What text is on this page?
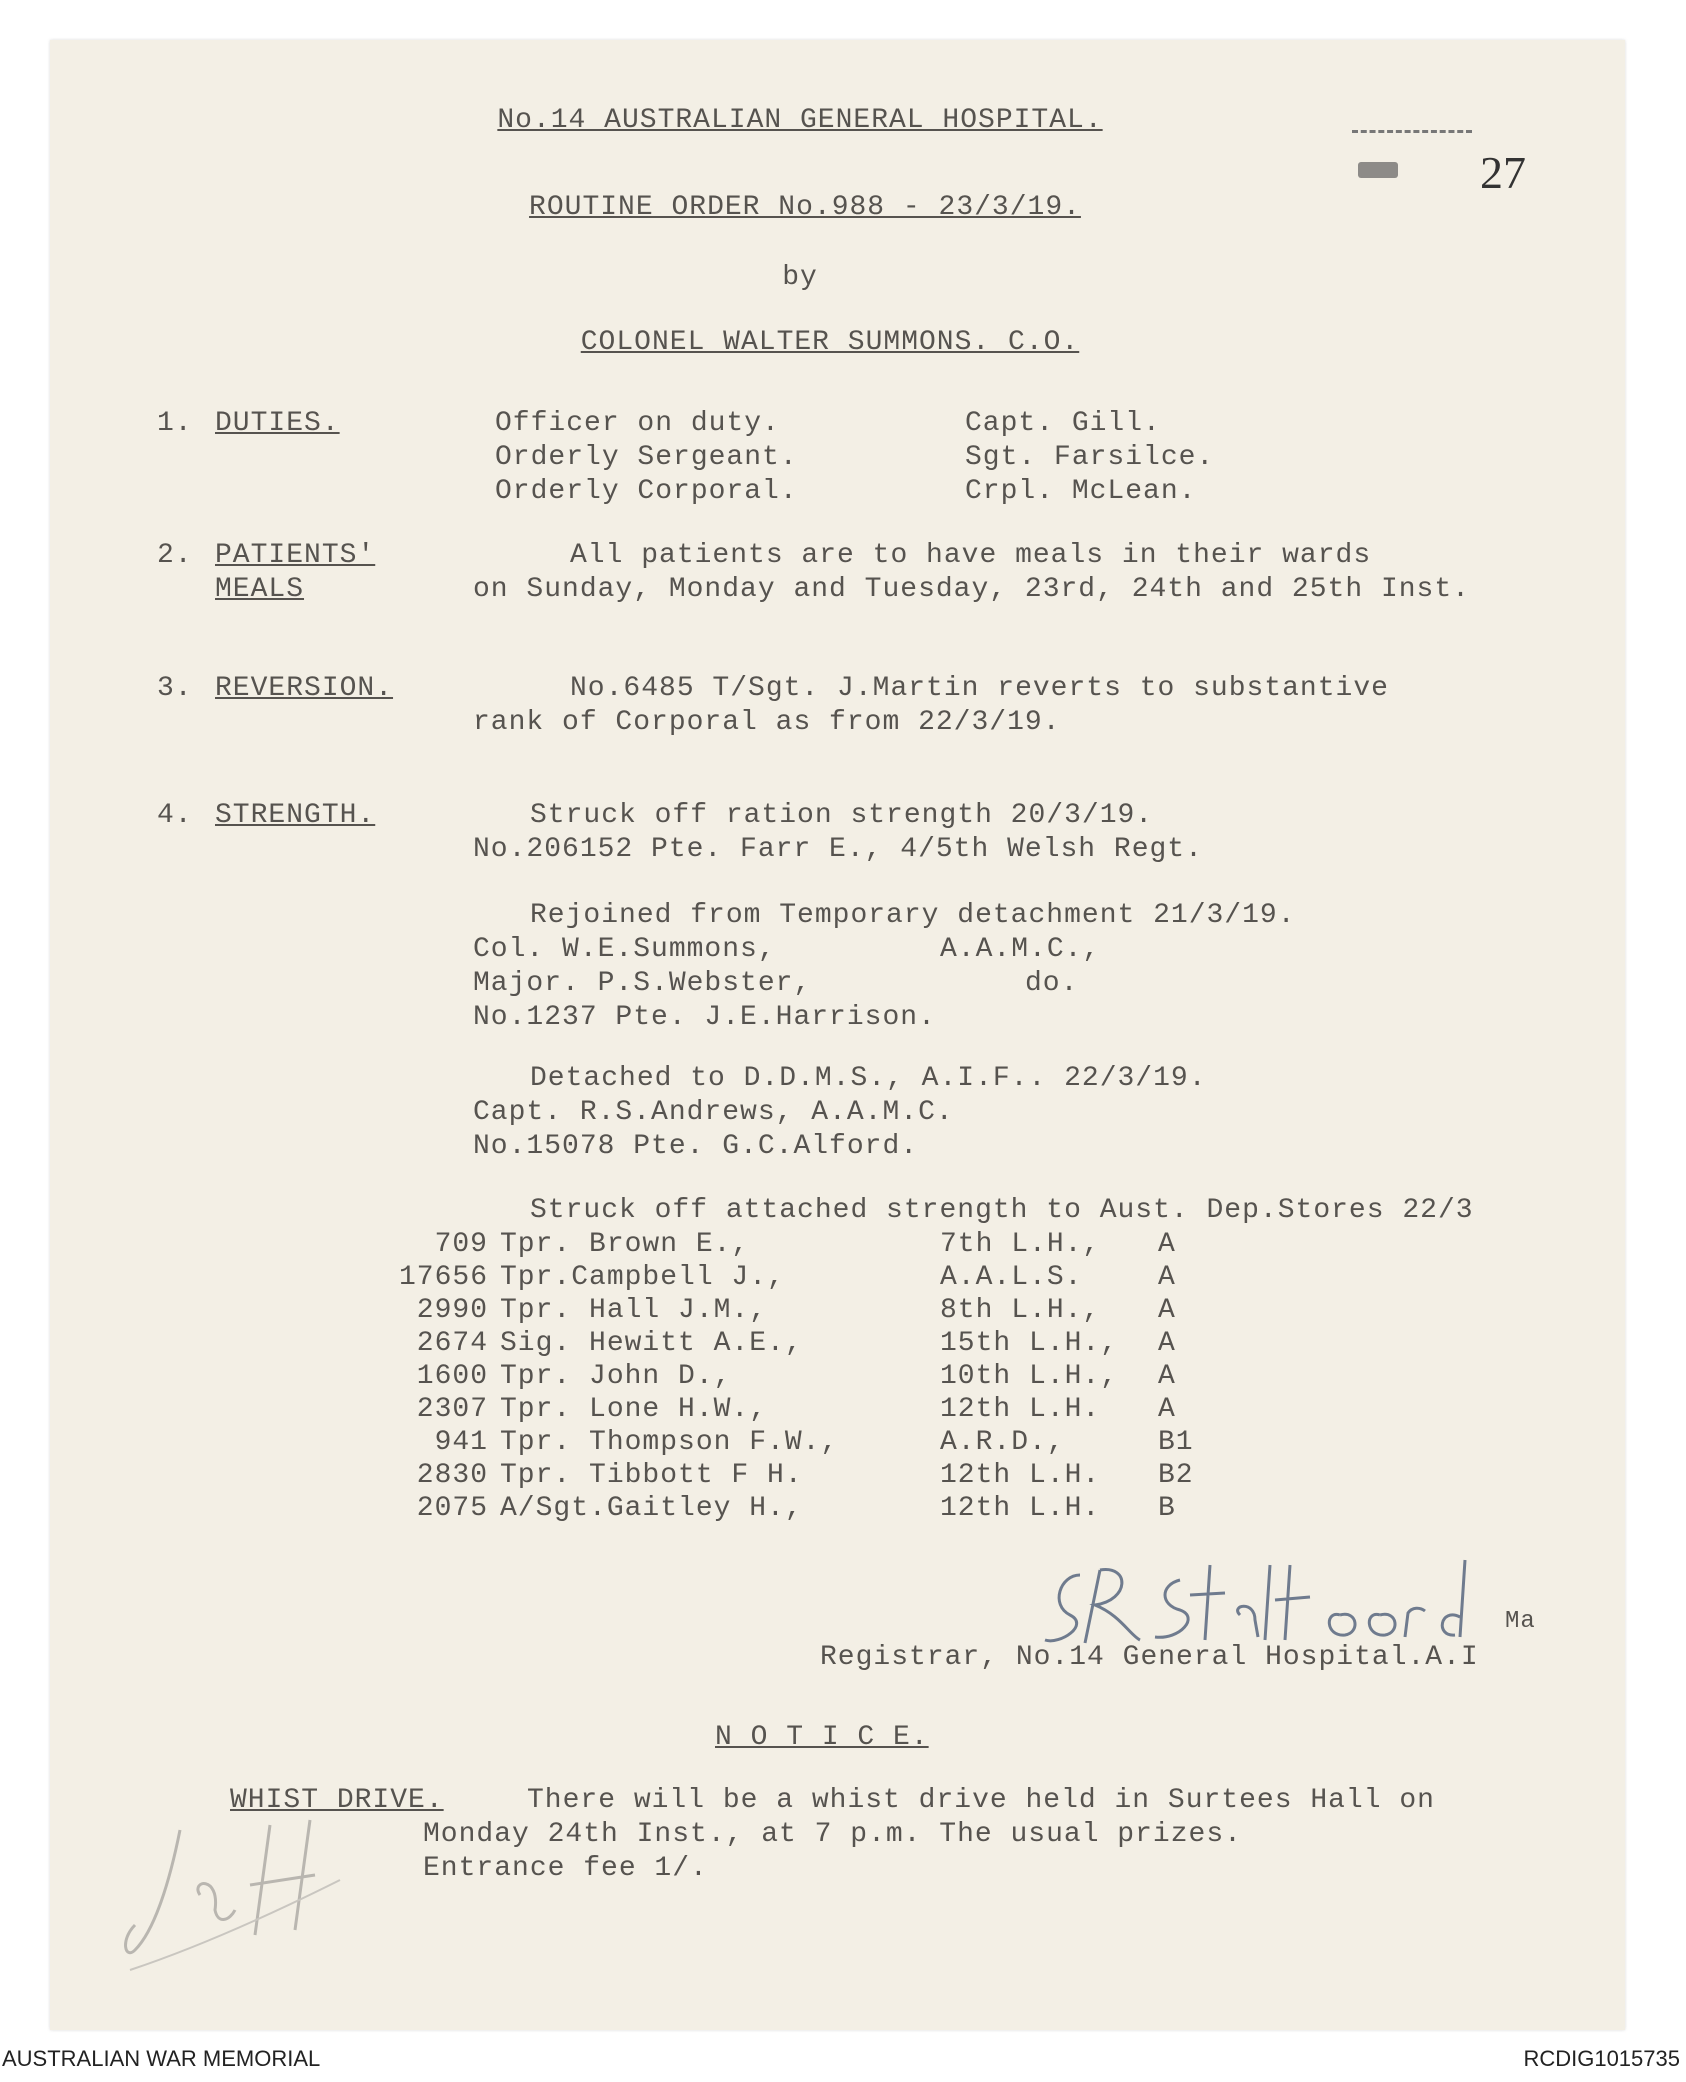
27
No.14 AUSTRALIAN GENERAL HOSPITAL.
ROUTINE ORDER No.988 - 23/3/19.
by
COLONEL WALTER SUMMONS. C.O.
1. DUTIES.	Officer on duty.	Capt. Gill.
Orderly Sergeant.	Sgt. Farsilce.
Orderly Corporal.	Crpl. McLean.
2. PATIENTS'
MEALS
All patients are to have meals in their wards
on Sunday, Monday and Tuesday, 23rd, 24th and 25th Inst.
3. REVERSION.	No.6485 T/Sgt. J.Martin reverts to substantive
rank of Corporal as from 22/3/19.
4. STRENGTH.	Struck off ration strength 20/3/19.
No.206152 Pte. Farr E., 4/5th Welsh Regt.
Rejoined from Temporary detachment 21/3/19.
Col. W.E.Summons,	A.A.M.C.,
Major. P.S.Webster,	do.
No.1237 Pte. J.E.Harrison.
Detached to D.D.M.S., A.I.F.. 22/3/19.
Capt. R.S.Andrews, A.A.M.C.
No.15078 Pte. G.C.Alford.
Struck off attached strength to Aust. Dep.Stores 22/3
709 Tpr. Brown E.,	7th L.H., A
17656 Tpr.Campbell J.,	A.A.L.S.	A
2990 Tpr. Hall J.M.,	8th L.H., A
2674 Sig. Hewitt A.E.,	15th L.H., A
1600 Tpr. John D.,	10th L.H., A
2307 Tpr. Lone H.W.,	12th L.H. A
941 Tpr. Thompson F.W.,	A.R.D.,	B1
2830 Tpr. Tibbott F H.	12th L.H. B2
2075 A/Sgt.Gaitley H.,	12th L.H. B
Ma
Registrar, No.14 General Hospital.A.I
N O T I C E.
WHIST DRIVE.	There will be a whist drive held in Surtees Hall on
Monday 24th Inst., at 7 p.m. The usual prizes.
Entrance fee 1/.
AUSTRALIAN WAR MEMORIAL	RCDIG1015735
